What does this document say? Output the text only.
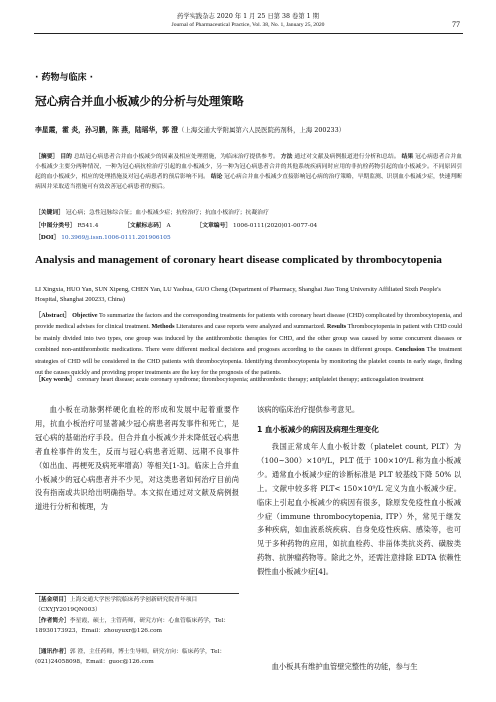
药学实践杂志 2020 年 1 月 25 日第 38 卷第 1 期
Journal of Pharmaceutical Practice, Vol. 38, No. 1, January 25, 2020	77
· 药物与临床 ·
冠心病合并血小板减少的分析与处理策略
李星霞，霍 炎，孙习鹏，陈 燕，陆瑶华，郭 澄（上海交通大学附属第六人民医院药剂科，上海 200233）
［摘要］ 目的 总结冠心病患者合并血小板减少的因素及相应处理措施，为临床治疗提供参考。 方法 通过对文献及病例报道进行分析和总结。 结果 冠心病患者合并血小板减少主要分两种情况，一种为冠心病抗栓治疗引起的血小板减少，另一种为冠心病患者合并的其他系统疾病同时应用的非抗栓药物引起的血小板减少。不同原因引起的血小板减少，相应的处理措施及对冠心病患者的预后影响不同。 结论 冠心病合并血小板减少直接影响冠心病的治疗策略，早期监测、识别血小板减少症，快速判断病因并采取适当措施可有效改善冠心病患者的预后。
［关键词］ 冠心病；急性冠脉综合征；血小板减少症；抗栓治疗；抗血小板治疗；抗凝治疗
［中图分类号］ R541.4	［文献标志码］ A	［文章编号］ 1006-0111(2020)01-0077-04
［DOI］ 10.3969/j.issn.1006-0111.201906105
Analysis and management of coronary heart disease complicated by thrombocytopenia
LI Xingxia, HUO Yan, SUN Xipeng, CHEN Yan, LU Yaohua, GUO Cheng (Department of Pharmacy, Shanghai Jiao Tong University Affiliated Sixth People's Hospital, Shanghai 200233, China)
［Abstract］ Objective To summarize the factors and the corresponding treatments for patients with coronary heart disease (CHD) complicated by thrombocytopenia, and provide medical advises for clinical treatment. Methods Literatures and case reports were analyzed and summarized. Results Thrombocytopenia in patient with CHD could be mainly divided into two types, one group was induced by the antithrombotic therapies for CHD, and the other group was caused by some concurrent diseases or combined non-antithrombotic medications. There were different medical decisions and progoses according to the causes in different groups. Conclusion The treatment strategies of CHD will be considered in the CHD patients with thrombocytopenia. Identifying thrombocytopenia by monitoring the platelet counts in early stage, finding out the causes quickly and providing proper treatments are the key for the prognosis of the patients.
［Key words］ coronary heart disease; acute coronary syndrome; thrombocytopenia; antithrombotic therapy; antiplatelet therapy; anticoagulation treatment
血小板在动脉粥样硬化血栓的形成和发展中起着重要作用，抗血小板治疗可显著减少冠心病患者再发事件和死亡，是冠心病的基础治疗手段。但合并血小板减少并未降低冠心病患者血栓事件的发生，反而与冠心病患者近期、远期不良事件（如出血、再梗死及病死率增高）等相关[1-3]。临床上合并血小板减少的冠心病患者并不少见，对这类患者如何治疗目前尚没有指南或共识给出明确指导。本文拟在通过对文献及病例报道进行分析和梳理，为
该病的临床治疗提供参考意见。
1 血小板减少的病因及病理生理变化
我国正常成年人血小板计数（platelet count, PLT）为（100~300）×10⁹/L，PLT 低于 100×10⁹/L 称为血小板减少。通常血小板减少症的诊断标准是 PLT 较基线下降 50% 以上。文献中较多将 PLT< 150×10⁹/L 定义为血小板减少症。临床上引起血小板减少的病因有很多，除原发免疫性血小板减少症（immune thrombocytopenia, ITP）外，常见于继发多种疾病，如血液系统疾病、自身免疫性疾病、感染等，也可见于多种药物的应用，如抗血栓药、非甾体类抗炎药、磺胺类药物、抗肿瘤药物等。除此之外，还需注意排除 EDTA 依赖性假性血小板减少症[4]。
血小板具有维护血管壁完整性的功能，参与生
［基金项目］上海交通大学医学院临床药学创新研究院青年项目（CXYJY2019QN003）
［作者简介］李星霞，硕士，主管药师，研究方向：心血管临床药学，Tel：18930173923，Email：zhouyuxr@126.com
［通讯作者］郭 澄，主任药师，博士生导师，研究方向：临床药学，Tel：(021)24058098，Email：guoc@126.com
